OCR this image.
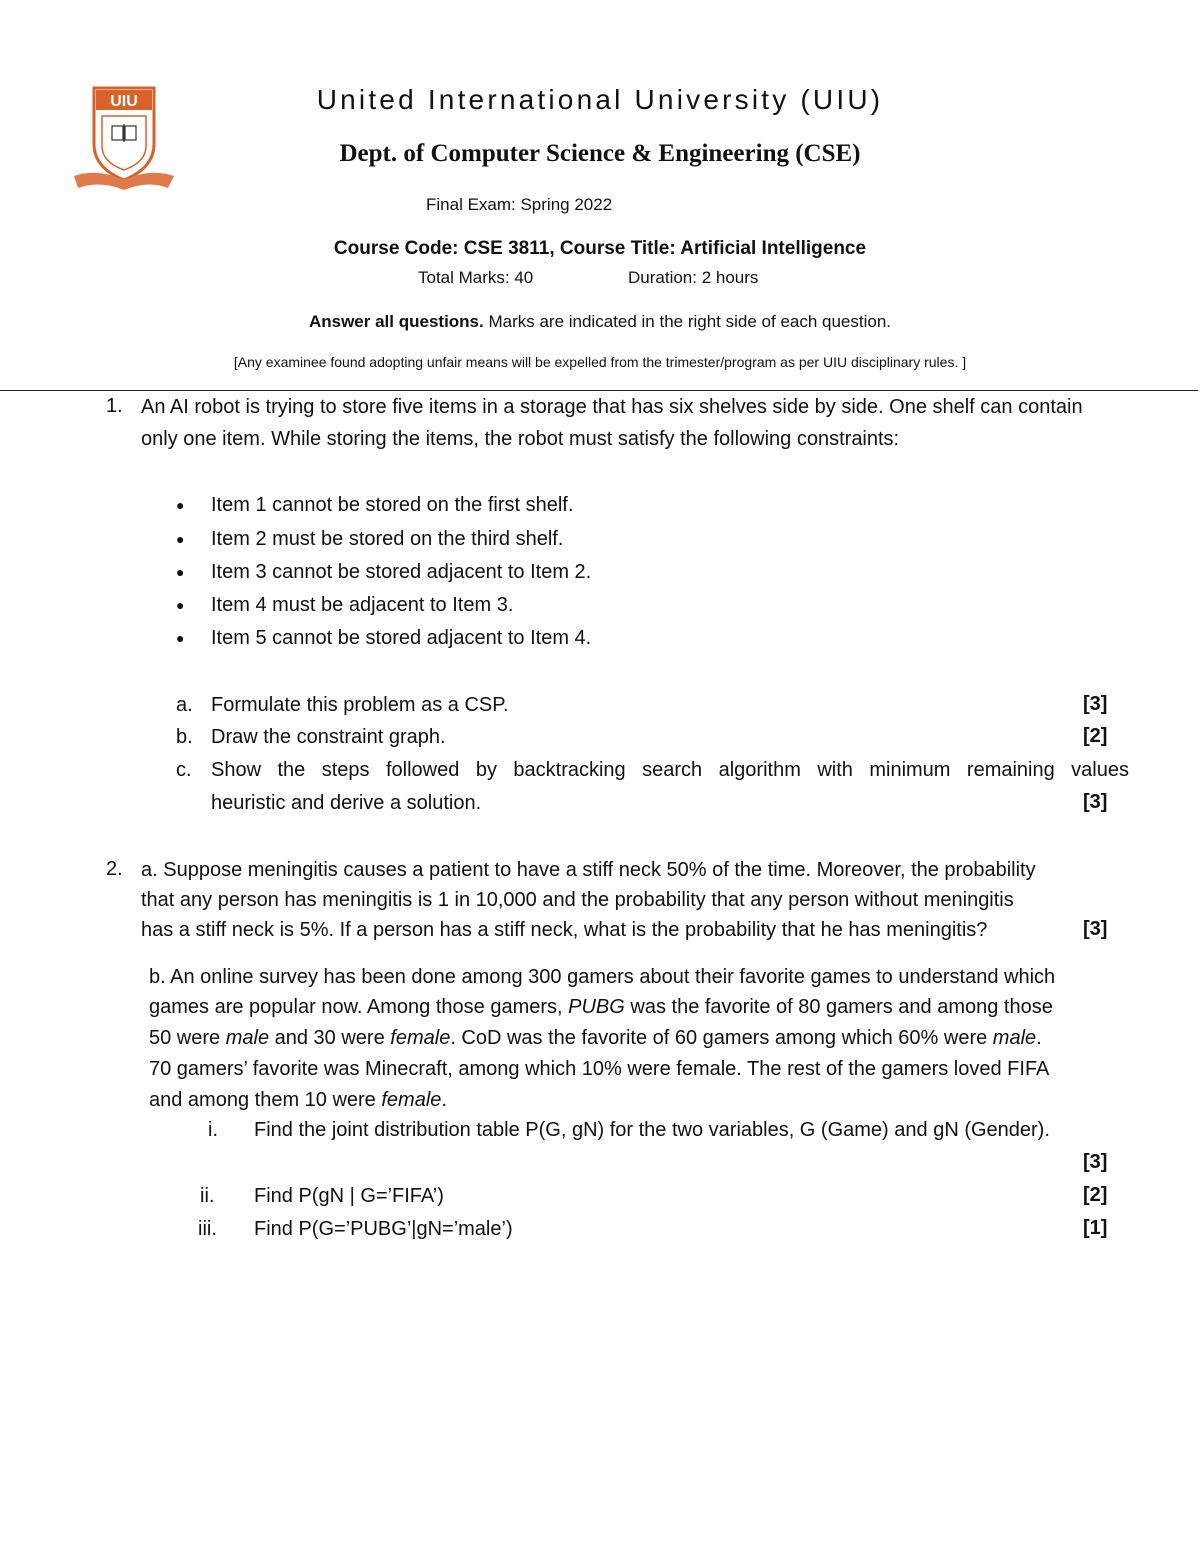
UIU	United International University (UIU)
Dept. of Computer Science & Engineering (CSE)
Final Exam: Spring 2022
Course Code: CSE 3811, Course Title: Artificial Intelligence
Total Marks: 40	Duration: 2 hours
Answer all questions. Marks are indicated in the right side of each question.
[Any examinee found adopting unfair means will be expelled from the trimester/program as per UIU disciplinary rules. ]
1. An AI robot is trying to store five items in a storage that has six shelves side by side. One shelf can contain
only one item. While storing the items, the robot must satisfy the following constraints:
● Item 1 cannot be stored on the first shelf.
● Item 2 must be stored on the third shelf.
● Item 3 cannot be stored adjacent to Item 2.
● Item 4 must be adjacent to Item 3.
● Item 5 cannot be stored adjacent to Item 4.
a. Formulate this problem as a CSP.	[3]
b. Draw the constraint graph.	[2]
c. Show the steps followed by backtracking search algorithm with minimum remaining values
heuristic and derive a solution.	[3]
2. a. Suppose meningitis causes a patient to have a stiff neck 50% of the time. Moreover, the probability
that any person has meningitis is 1 in 10,000 and the probability that any person without meningitis
has a stiff neck is 5%. If a person has a stiff neck, what is the probability that he has meningitis?	[3]
b. An online survey has been done among 300 gamers about their favorite games to understand which
games are popular now. Among those gamers, PUBG was the favorite of 80 gamers and among those
50 were male and 30 were female. CoD was the favorite of 60 gamers among which 60% were male.
70 gamers’ favorite was Minecraft, among which 10% were female. The rest of the gamers loved FIFA
and among them 10 were female.
i. Find the joint distribution table P(G, gN) for the two variables, G (Game) and gN (Gender).
[3]
ii. Find P(gN | G=’FIFA’)	[2]
iii. Find P(G=’PUBG’|gN=’male’)	[1]
